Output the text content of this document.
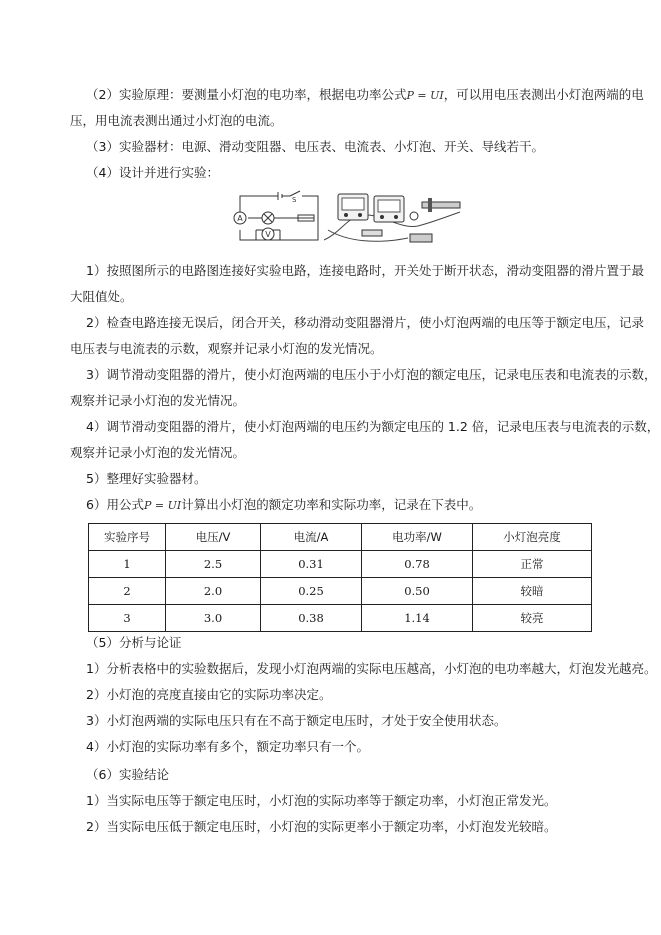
（2）实验原理：要测量小灯泡的电功率，根据电功率公式P = UI，可以用电压表测出小灯泡两端的电
压，用电流表测出通过小灯泡的电流。
（3）实验器材：电源、滑动变阻器、电压表、电流表、小灯泡、开关、导线若干。
（4）设计并进行实验：
A
V
S
1）按照图所示的电路图连接好实验电路，连接电路时，开关处于断开状态，滑动变阻器的滑片置于最
大阻值处。
2）检查电路连接无误后，闭合开关，移动滑动变阻器滑片，使小灯泡两端的电压等于额定电压，记录
电压表与电流表的示数，观察并记录小灯泡的发光情况。
3）调节滑动变阻器的滑片，使小灯泡两端的电压小于小灯泡的额定电压，记录电压表和电流表的示数，
观察并记录小灯泡的发光情况。
4）调节滑动变阻器的滑片，使小灯泡两端的电压约为额定电压的 1.2 倍，记录电压表与电流表的示数，
观察并记录小灯泡的发光情况。
5）整理好实验器材。
6）用公式P = UI计算出小灯泡的额定功率和实际功率，记录在下表中。
实验序号	电压/V	电流/A	电功率/W	小灯泡亮度
1	2.5	0.31	0.78	正常
2	2.0	0.25	0.50	较暗
3	3.0	0.38	1.14	较亮
（5）分析与论证
1）分析表格中的实验数据后，发现小灯泡两端的实际电压越高，小灯泡的电功率越大，灯泡发光越亮。
2）小灯泡的亮度直接由它的实际功率决定。
3）小灯泡两端的实际电压只有在不高于额定电压时，才处于安全使用状态。
4）小灯泡的实际功率有多个，额定功率只有一个。
（6）实验结论
1）当实际电压等于额定电压时，小灯泡的实际功率等于额定功率，小灯泡正常发光。
2）当实际电压低于额定电压时，小灯泡的实际更率小于额定功率，小灯泡发光较暗。
